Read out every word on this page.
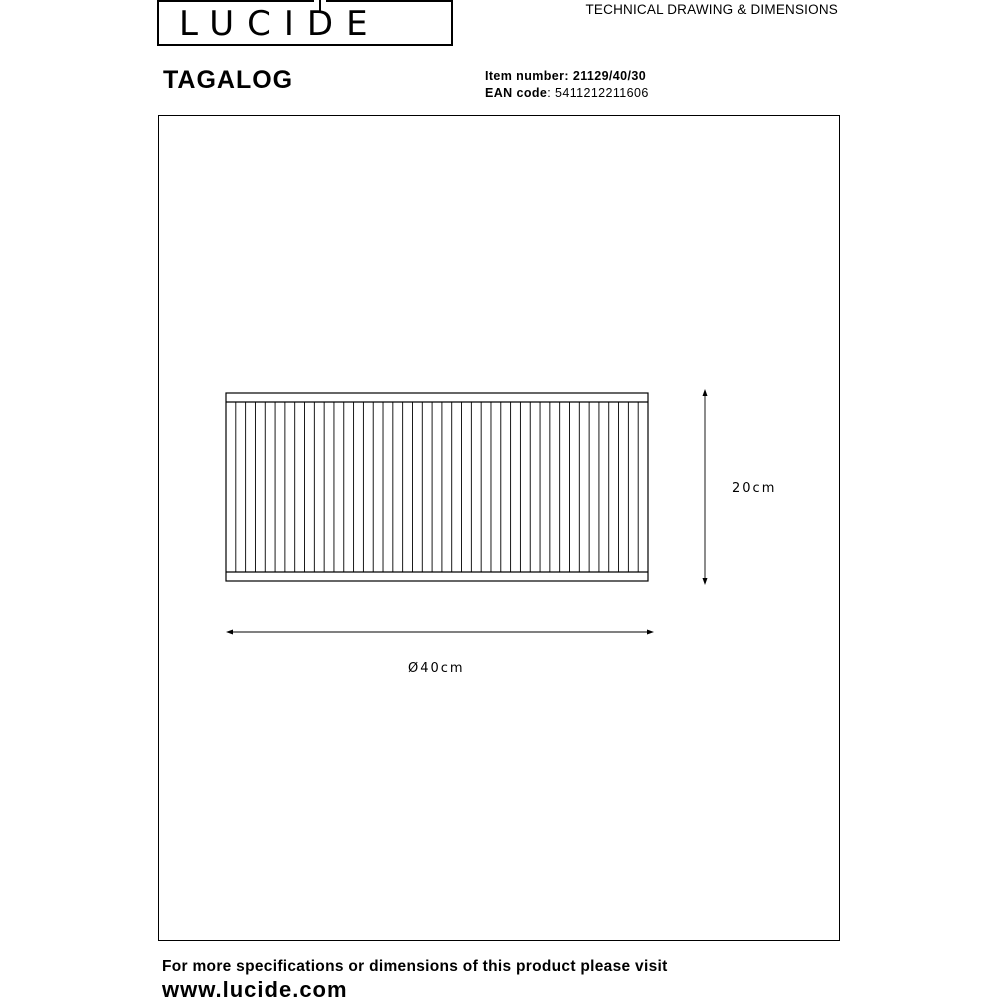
LUCIDE	TECHNICAL DRAWING & DIMENSIONS
TAGALOG	Item number: 21129/40/30
EAN code: 5411212211606
20cm
Ø40cm
For more specifications or dimensions of this product please visit
www.lucide.com
